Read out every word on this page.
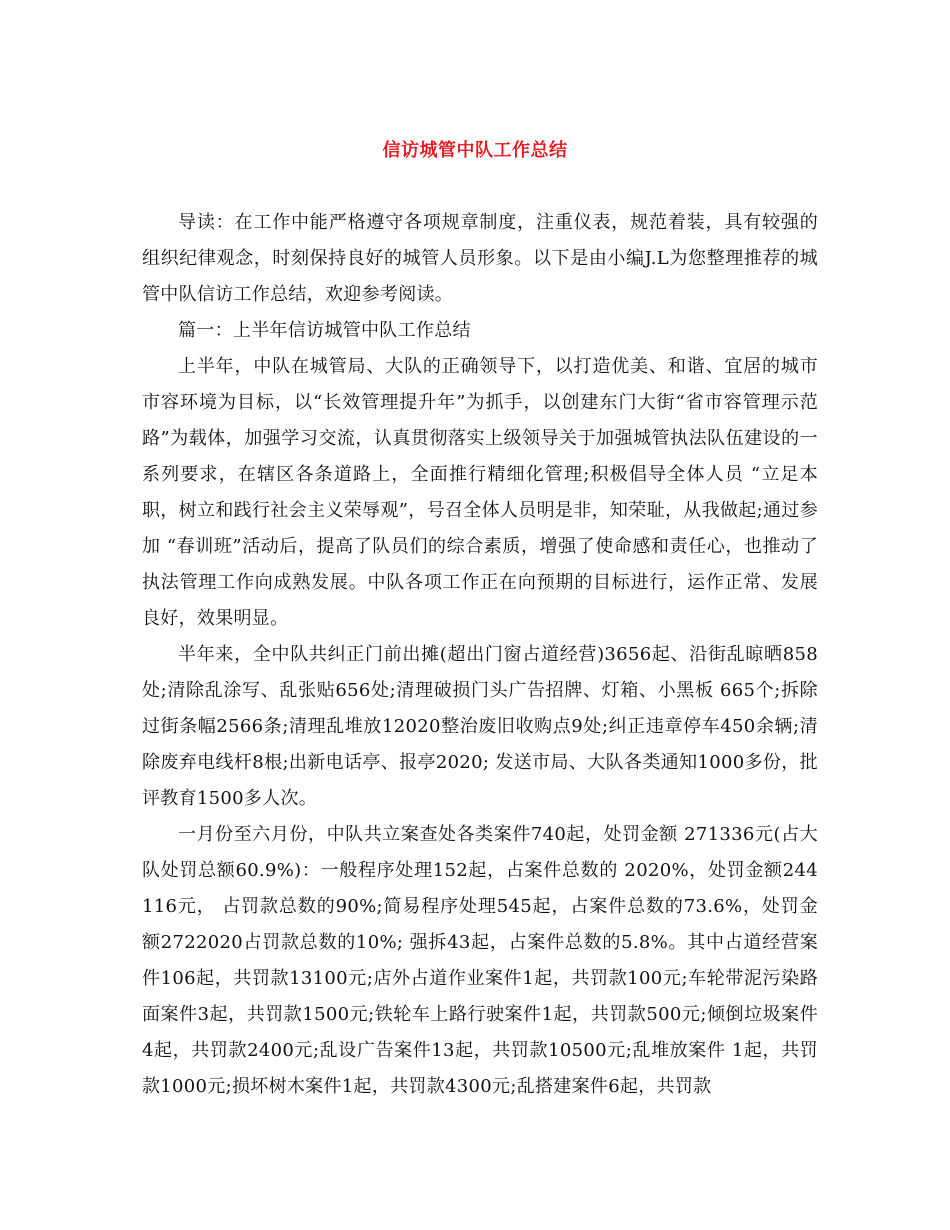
信访城管中队工作总结

导读：在工作中能严格遵守各项规章制度，注重仪表，规范着装，具有较强的组织纪律观念，时刻保持良好的城管人员形象。以下是由小编J.L为您整理推荐的城管中队信访工作总结，欢迎参考阅读。

篇一：上半年信访城管中队工作总结

上半年，中队在城管局、大队的正确领导下，以打造优美、和谐、宜居的城市市容环境为目标，以“长效管理提升年”为抓手，以创建东门大街“省市容管理示范路”为载体，加强学习交流，认真贯彻落实上级领导关于加强城管执法队伍建设的一系列要求，在辖区各条道路上，全面推行精细化管理;积极倡导全体人员 “立足本职，树立和践行社会主义荣辱观”，号召全体人员明是非，知荣耻，从我做起;通过参加 “春训班”活动后，提高了队员们的综合素质，增强了使命感和责任心，也推动了执法管理工作向成熟发展。中队各项工作正在向预期的目标进行，运作正常、发展良好，效果明显。

半年来，全中队共纠正门前出摊(超出门窗占道经营)3656起、沿街乱晾晒858处;清除乱涂写、乱张贴656处;清理破损门头广告招牌、灯箱、小黑板 665个;拆除过街条幅2566条;清理乱堆放12020整治废旧收购点9处;纠正违章停车450余辆;清除废弃电线杆8根;出新电话亭、报亭2020; 发送市局、大队各类通知1000多份，批评教育1500多人次。

一月份至六月份，中队共立案查处各类案件740起，处罚金额 271336元(占大队处罚总额60.9%)：一般程序处理152起，占案件总数的 2020%，处罚金额244116元， 占罚款总数的90%;简易程序处理545起，占案件总数的73.6%，处罚金额2722020占罚款总数的10%; 强拆43起，占案件总数的5.8%。其中占道经营案件106起，共罚款13100元;店外占道作业案件1起，共罚款100元;车轮带泥污染路面案件3起，共罚款1500元;铁轮车上路行驶案件1起，共罚款500元;倾倒垃圾案件4起，共罚款2400元;乱设广告案件13起，共罚款10500元;乱堆放案件 1起，共罚款1000元;损坏树木案件1起，共罚款4300元;乱搭建案件6起，共罚款
